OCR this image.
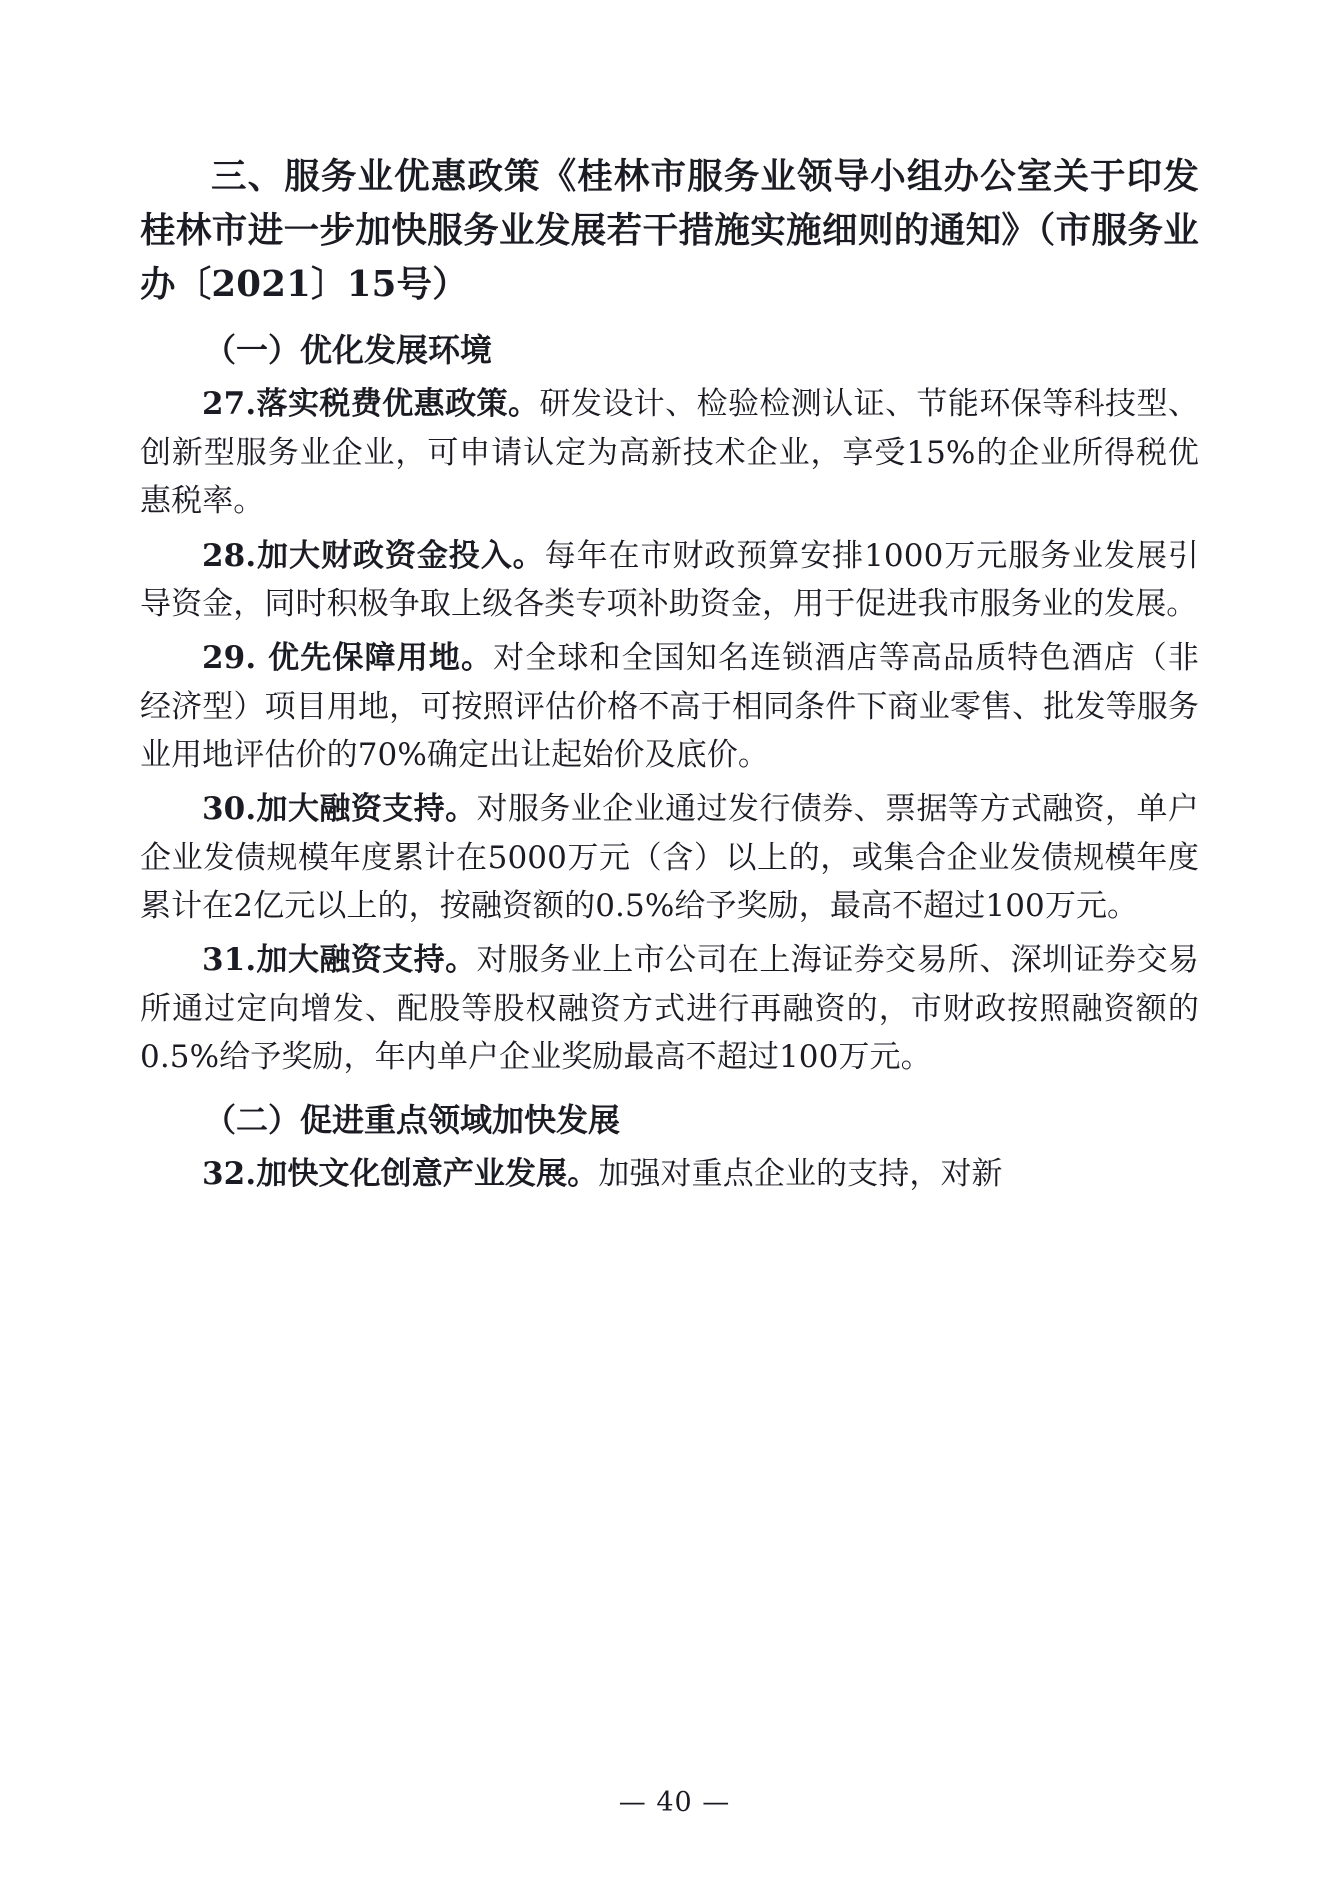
三、服务业优惠政策《桂林市服务业领导小组办公室关于印发桂林市进一步加快服务业发展若干措施实施细则的通知》（市服务业办〔2021〕15号）
（一）优化发展环境

27.落实税费优惠政策。研发设计、检验检测认证、节能环保等科技型、创新型服务业企业，可申请认定为高新技术企业，享受15%的企业所得税优惠税率。

28.加大财政资金投入。每年在市财政预算安排1000万元服务业发展引导资金，同时积极争取上级各类专项补助资金，用于促进我市服务业的发展。

29. 优先保障用地。对全球和全国知名连锁酒店等高品质特色酒店（非经济型）项目用地，可按照评估价格不高于相同条件下商业零售、批发等服务业用地评估价的70%确定出让起始价及底价。

30.加大融资支持。对服务业企业通过发行债券、票据等方式融资，单户企业发债规模年度累计在5000万元（含）以上的，或集合企业发债规模年度累计在2亿元以上的，按融资额的0.5%给予奖励，最高不超过100万元。

31.加大融资支持。对服务业上市公司在上海证券交易所、深圳证券交易所通过定向增发、配股等股权融资方式进行再融资的，市财政按照融资额的0.5%给予奖励，年内单户企业奖励最高不超过100万元。

（二）促进重点领域加快发展

32.加快文化创意产业发展。加强对重点企业的支持，对新

— 40 —
